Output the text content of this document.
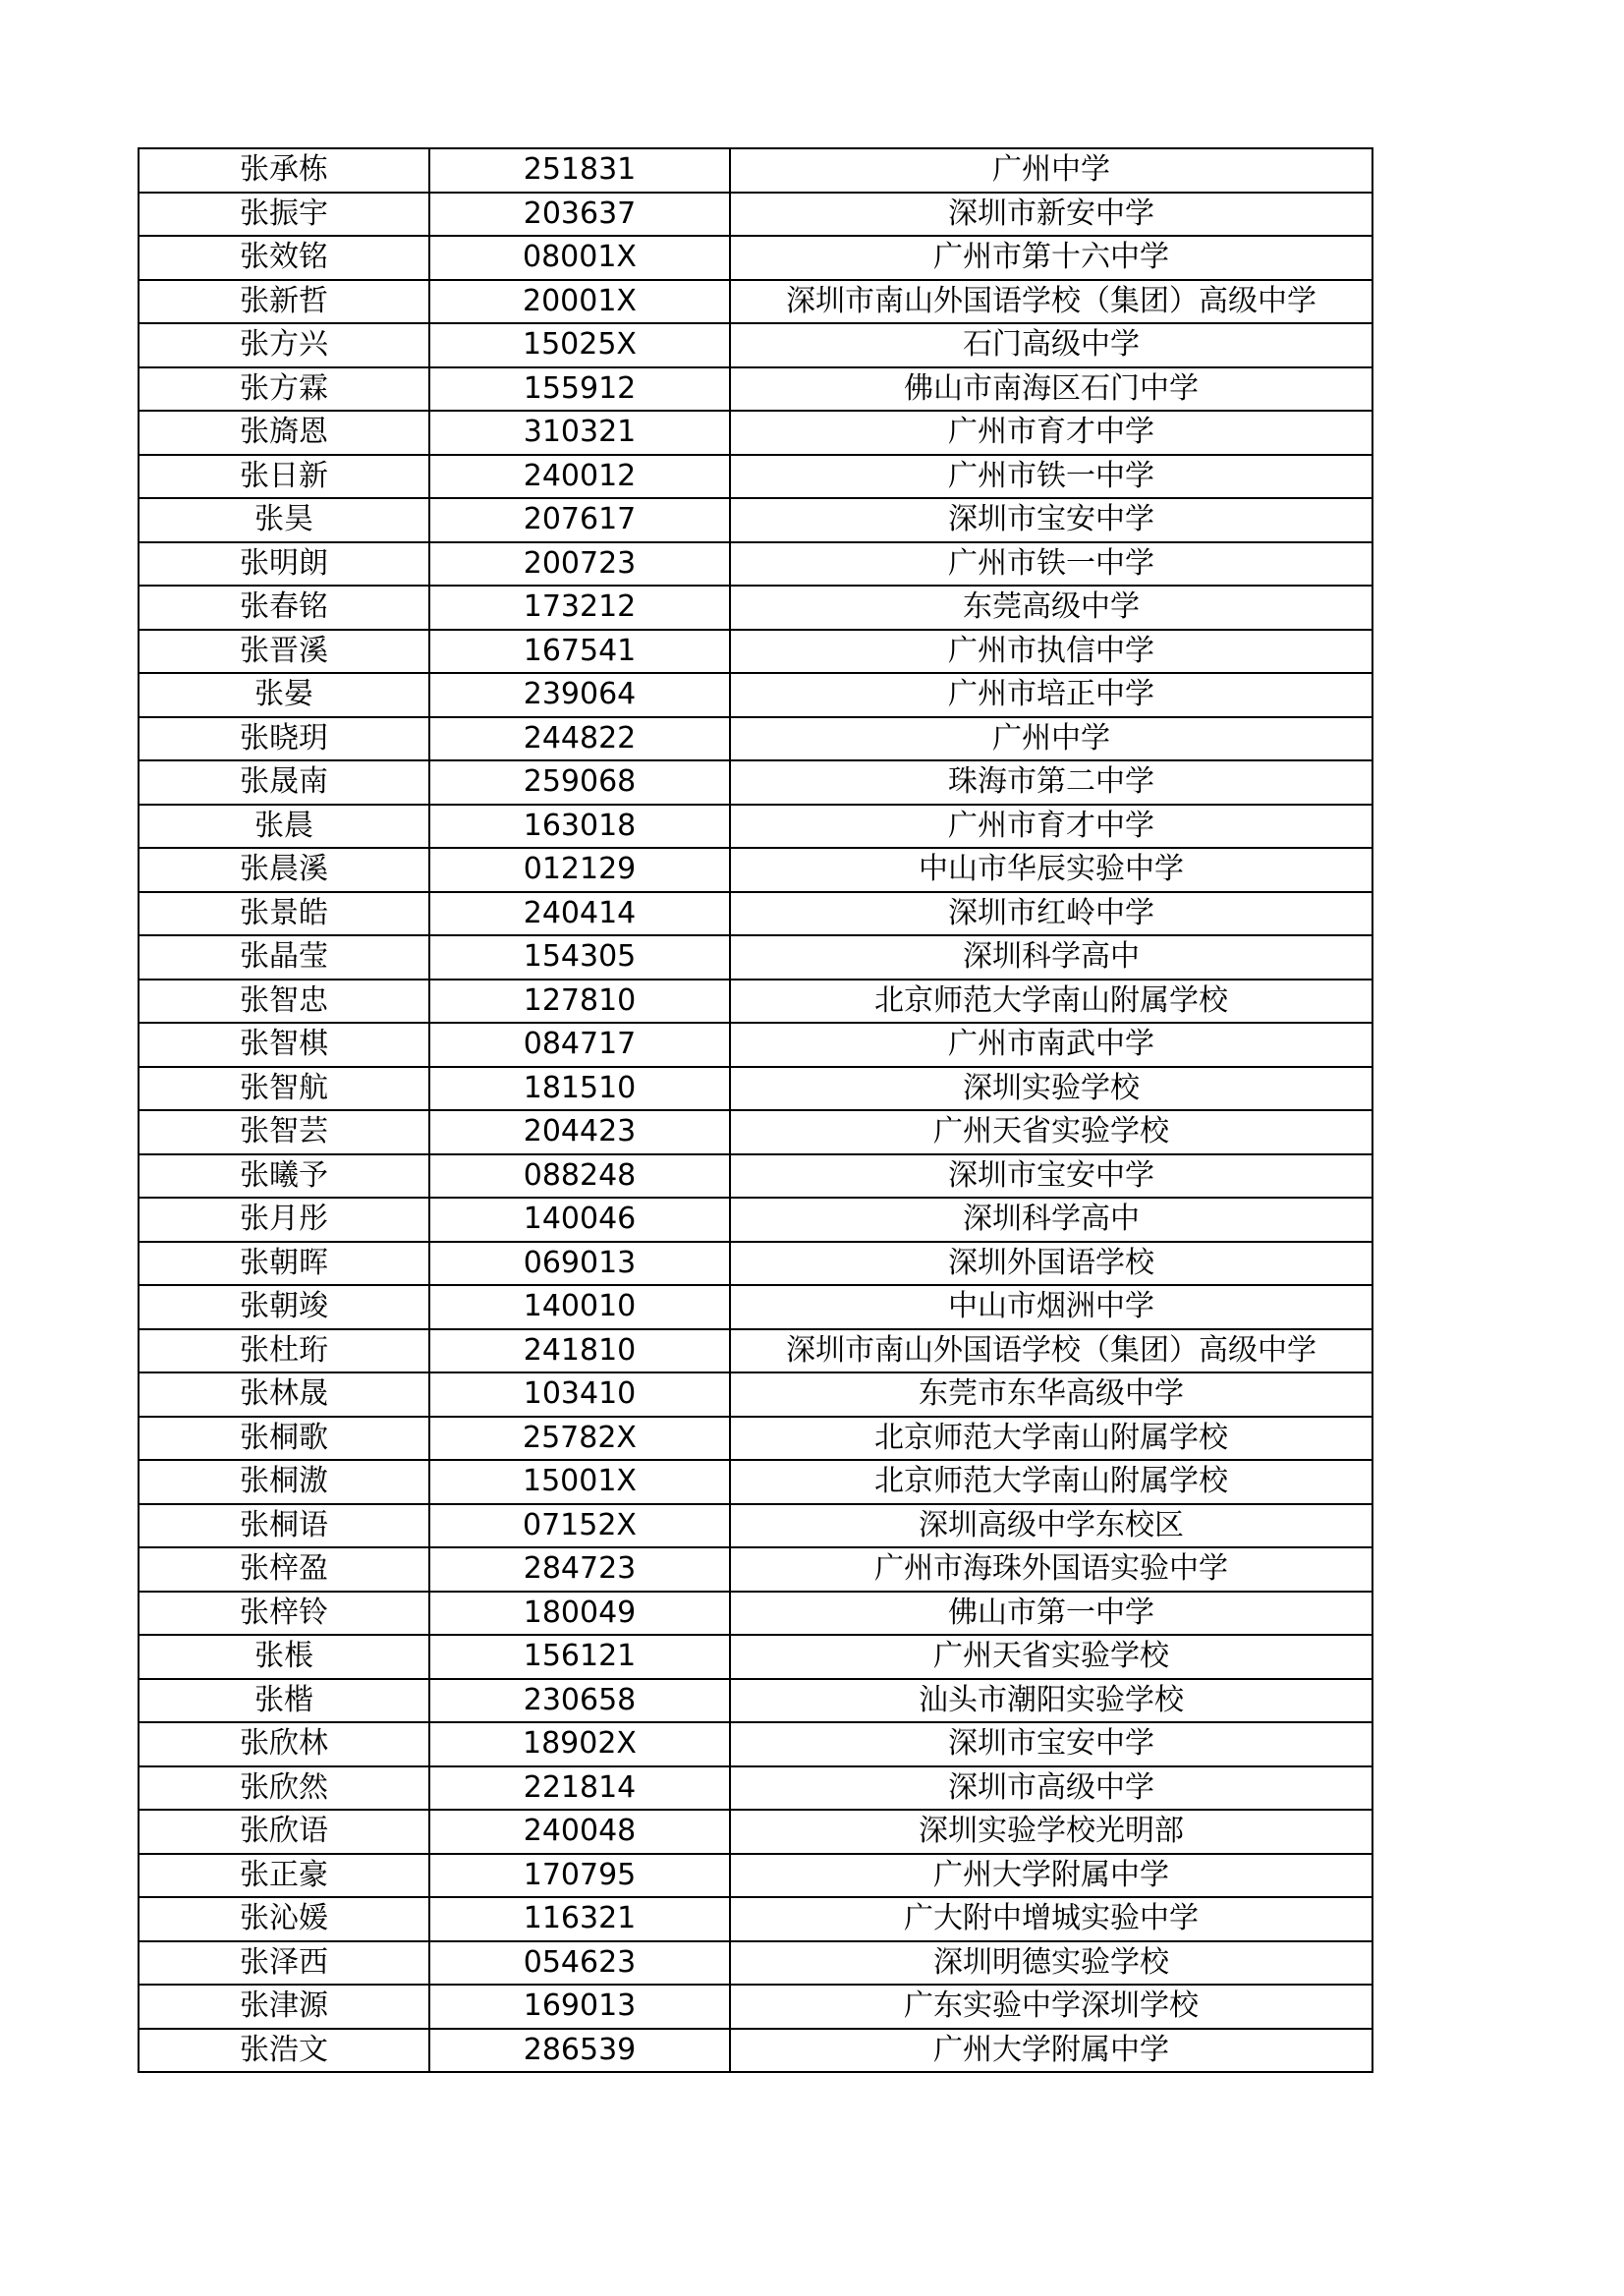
张承栋	251831	广州中学
张振宇	203637	深圳市新安中学
张效铭	08001X	广州市第十六中学
张新哲	20001X	深圳市南山外国语学校（集团）高级中学
张方兴	15025X	石门高级中学
张方霖	155912	佛山市南海区石门中学
张旖恩	310321	广州市育才中学
张日新	240012	广州市铁一中学
张昊	207617	深圳市宝安中学
张明朗	200723	广州市铁一中学
张春铭	173212	东莞高级中学
张晋溪	167541	广州市执信中学
张晏	239064	广州市培正中学
张晓玥	244822	广州中学
张晟南	259068	珠海市第二中学
张晨	163018	广州市育才中学
张晨溪	012129	中山市华辰实验中学
张景皓	240414	深圳市红岭中学
张晶莹	154305	深圳科学高中
张智忠	127810	北京师范大学南山附属学校
张智棋	084717	广州市南武中学
张智航	181510	深圳实验学校
张智芸	204423	广州天省实验学校
张曦予	088248	深圳市宝安中学
张月彤	140046	深圳科学高中
张朝晖	069013	深圳外国语学校
张朝竣	140010	中山市烟洲中学
张杜珩	241810	深圳市南山外国语学校（集团）高级中学
张林晟	103410	东莞市东华高级中学
张桐歌	25782X	北京师范大学南山附属学校
张桐滶	15001X	北京师范大学南山附属学校
张桐语	07152X	深圳高级中学东校区
张梓盈	284723	广州市海珠外国语实验中学
张梓铃	180049	佛山市第一中学
张棖	156121	广州天省实验学校
张楷	230658	汕头市潮阳实验学校
张欣林	18902X	深圳市宝安中学
张欣然	221814	深圳市高级中学
张欣语	240048	深圳实验学校光明部
张正豪	170795	广州大学附属中学
张沁媛	116321	广大附中增城实验中学
张泽西	054623	深圳明德实验学校
张津源	169013	广东实验中学深圳学校
张浩文	286539	广州大学附属中学
